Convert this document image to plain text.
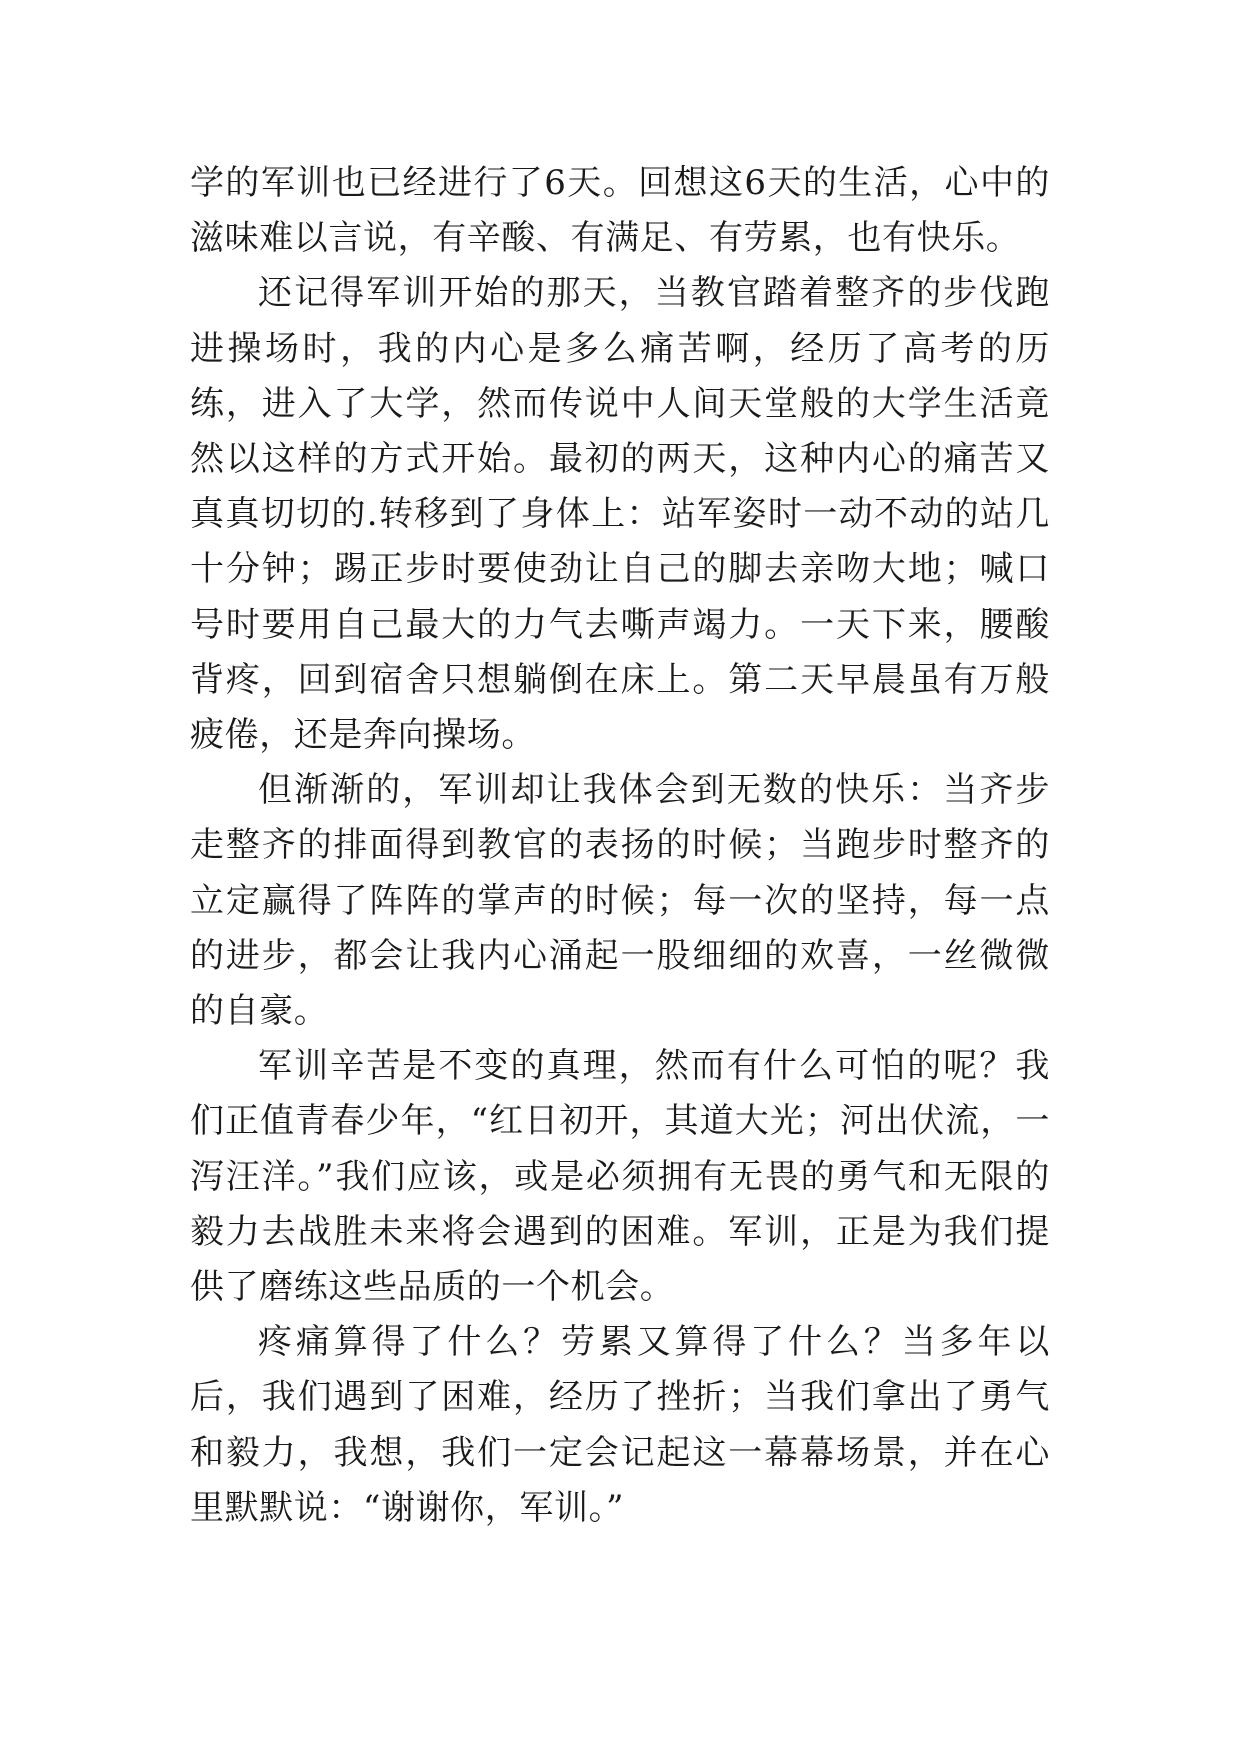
学的军训也已经进行了6天。回想这6天的生活，心中的滋味难以言说，有辛酸、有满足、有劳累，也有快乐。

还记得军训开始的那天，当教官踏着整齐的步伐跑进操场时，我的内心是多么痛苦啊，经历了高考的历练，进入了大学，然而传说中人间天堂般的大学生活竟然以这样的方式开始。最初的两天，这种内心的痛苦又真真切切的.转移到了身体上：站军姿时一动不动的站几十分钟；踢正步时要使劲让自己的脚去亲吻大地；喊口号时要用自己最大的力气去嘶声竭力。一天下来，腰酸背疼，回到宿舍只想躺倒在床上。第二天早晨虽有万般疲倦，还是奔向操场。

但渐渐的，军训却让我体会到无数的快乐：当齐步走整齐的排面得到教官的表扬的时候；当跑步时整齐的立定赢得了阵阵的掌声的时候；每一次的坚持，每一点的进步，都会让我内心涌起一股细细的欢喜，一丝微微的自豪。

军训辛苦是不变的真理，然而有什么可怕的呢？我们正值青春少年，“红日初开，其道大光；河出伏流，一泻汪洋。”我们应该，或是必须拥有无畏的勇气和无限的毅力去战胜未来将会遇到的困难。军训，正是为我们提供了磨练这些品质的一个机会。

疼痛算得了什么？劳累又算得了什么？当多年以后，我们遇到了困难，经历了挫折；当我们拿出了勇气和毅力，我想，我们一定会记起这一幕幕场景，并在心里默默说：“谢谢你，军训。”
